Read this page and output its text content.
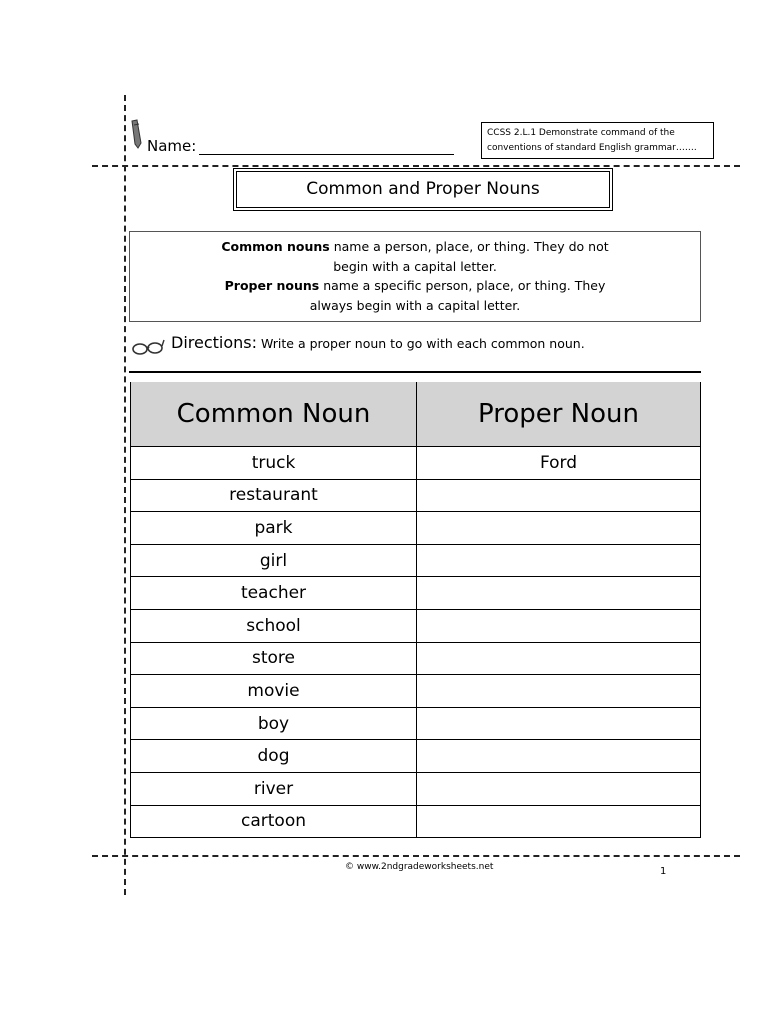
Name:
CCSS 2.L.1 Demonstrate command of the
conventions of standard English grammar…….
Common and Proper Nouns
Common nouns name a person, place, or thing. They do not
begin with a capital letter.
Proper nouns name a specific person, place, or thing. They
always begin with a capital letter.
Directions: Write a proper noun to go with each common noun.
Common Noun	Proper Noun
truck	Ford
restaurant	
park	
girl	
teacher	
school	
store	
movie	
boy	
dog	
river	
cartoon	
© www.2ndgradeworksheets.net	1
